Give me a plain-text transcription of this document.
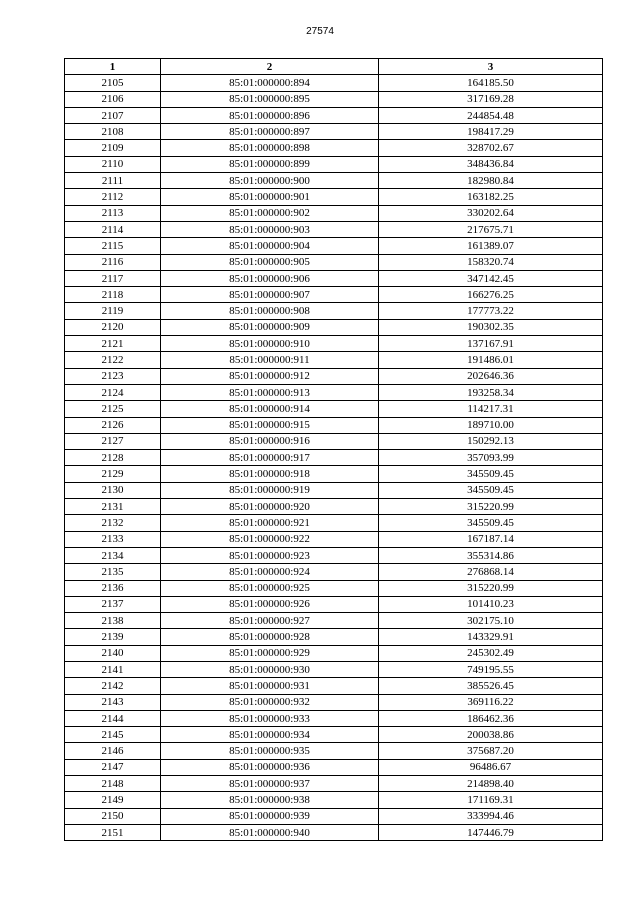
27574
1	2	3
2105	85:01:000000:894	164185.50
2106	85:01:000000:895	317169.28
2107	85:01:000000:896	244854.48
2108	85:01:000000:897	198417.29
2109	85:01:000000:898	328702.67
2110	85:01:000000:899	348436.84
2111	85:01:000000:900	182980.84
2112	85:01:000000:901	163182.25
2113	85:01:000000:902	330202.64
2114	85:01:000000:903	217675.71
2115	85:01:000000:904	161389.07
2116	85:01:000000:905	158320.74
2117	85:01:000000:906	347142.45
2118	85:01:000000:907	166276.25
2119	85:01:000000:908	177773.22
2120	85:01:000000:909	190302.35
2121	85:01:000000:910	137167.91
2122	85:01:000000:911	191486.01
2123	85:01:000000:912	202646.36
2124	85:01:000000:913	193258.34
2125	85:01:000000:914	114217.31
2126	85:01:000000:915	189710.00
2127	85:01:000000:916	150292.13
2128	85:01:000000:917	357093.99
2129	85:01:000000:918	345509.45
2130	85:01:000000:919	345509.45
2131	85:01:000000:920	315220.99
2132	85:01:000000:921	345509.45
2133	85:01:000000:922	167187.14
2134	85:01:000000:923	355314.86
2135	85:01:000000:924	276868.14
2136	85:01:000000:925	315220.99
2137	85:01:000000:926	101410.23
2138	85:01:000000:927	302175.10
2139	85:01:000000:928	143329.91
2140	85:01:000000:929	245302.49
2141	85:01:000000:930	749195.55
2142	85:01:000000:931	385526.45
2143	85:01:000000:932	369116.22
2144	85:01:000000:933	186462.36
2145	85:01:000000:934	200038.86
2146	85:01:000000:935	375687.20
2147	85:01:000000:936	96486.67
2148	85:01:000000:937	214898.40
2149	85:01:000000:938	171169.31
2150	85:01:000000:939	333994.46
2151	85:01:000000:940	147446.79
